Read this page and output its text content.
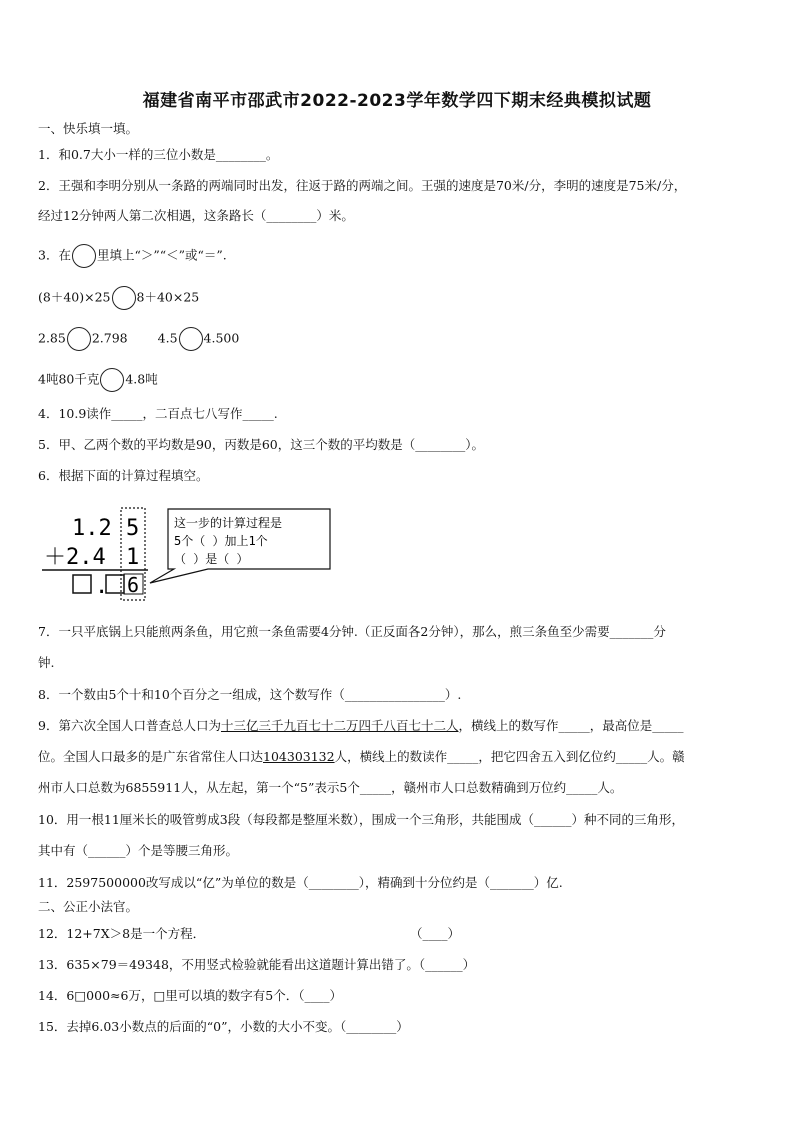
福建省南平市邵武市2022-2023学年数学四下期末经典模拟试题
一、快乐填一填。
1．和0.7大小一样的三位小数是________。
2．王强和李明分别从一条路的两端同时出发，往返于路的两端之间。王强的速度是70米/分，李明的速度是75米/分，
经过12分钟两人第二次相遇，这条路长（________）米。
3．在 里填上“＞”“＜”或“＝”.
(8＋40)×25 8＋40×25
2.85 2.798 4.5 4.500
4吨80千克 4.8吨
4．10.9读作_____，二百点七八写作_____.
5．甲、乙两个数的平均数是90，丙数是60，这三个数的平均数是（________）。
6．根据下面的计算过程填空。
1.2 5
＋2.4 1
. 6
这一步的计算过程是
5个（ ）加上1个
（ ）是（ ）
7．一只平底锅上只能煎两条鱼，用它煎一条鱼需要4分钟.（正反面各2分钟），那么，煎三条鱼至少需要_______分
钟.
8．一个数由5个十和10个百分之一组成，这个数写作（________________）.
9．第六次全国人口普查总人口为十三亿三千九百七十二万四千八百七十二人，横线上的数写作_____，最高位是_____
位。全国人口最多的是广东省常住人口达104303132人，横线上的数读作_____，把它四舍五入到亿位约_____人。赣
州市人口总数为6855911人，从左起，第一个“5”表示5个_____，赣州市人口总数精确到万位约_____人。
10．用一根11厘米长的吸管剪成3段（每段都是整厘米数），围成一个三角形，共能围成（______）种不同的三角形，
其中有（______）个是等腰三角形。
11．2597500000改写成以“亿”为单位的数是（________），精确到十分位约是（_______）亿.
二、公正小法官。
12．12+7X＞8是一个方程．	（____）
13．635×79＝49348，不用竖式检验就能看出这道题计算出错了。（______）
14．6□000≈6万，□里可以填的数字有5个．（____）
15．去掉6.03小数点的后面的“0”，小数的大小不变。（________）
